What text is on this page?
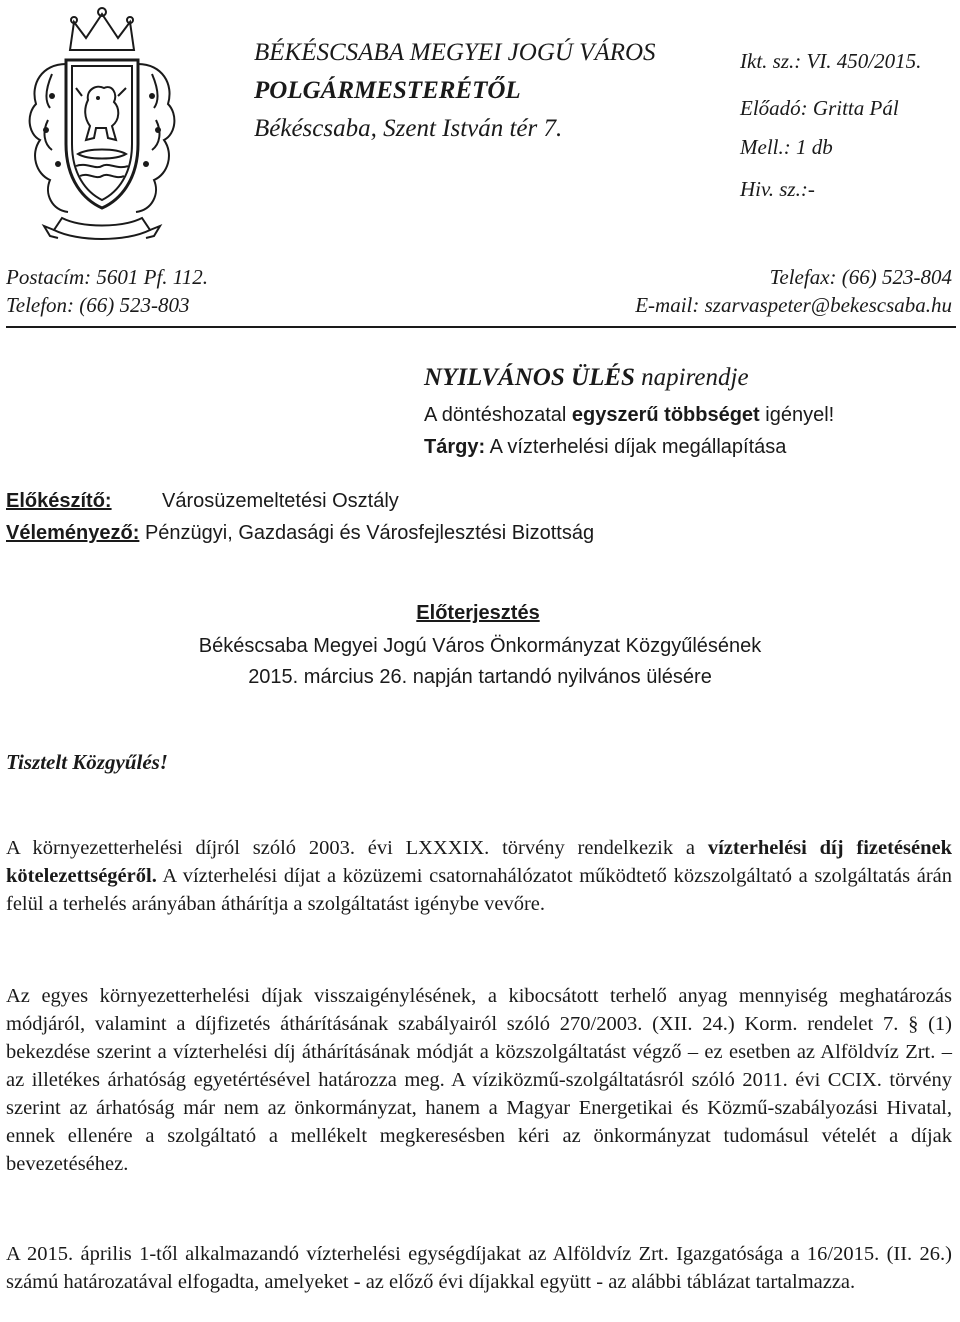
BÉKÉSCSABA MEGYEI JOGÚ VÁROS
POLGÁRMESTERÉTŐL
Békéscsaba, Szent István tér 7.
Ikt. sz.: VI. 450/2015.
Előadó: Gritta Pál
Mell.: 1 db
Hiv. sz.:-
Postacím: 5601 Pf. 112.
Telefon: (66) 523-803
Telefax: (66) 523-804
E-mail: szarvaspeter@bekescsaba.hu
NYILVÁNOS ÜLÉS napirendje
A döntéshozatal egyszerű többséget igényel!
Tárgy: A vízterhelési díjak megállapítása
Előkészítő:	Városüzemeltetési Osztály
Véleményező: Pénzügyi, Gazdasági és Városfejlesztési Bizottság
Előterjesztés
Békéscsaba Megyei Jogú Város Önkormányzat Közgyűlésének
2015. március 26. napján tartandó nyilvános ülésére
Tisztelt Közgyűlés!
A környezetterhelési díjról szóló 2003. évi LXXXIX. törvény rendelkezik a vízterhelési díj fizetésének kötelezettségéről. A vízterhelési díjat a közüzemi csatornahálózatot működtető közszolgáltató a szolgáltatás árán felül a terhelés arányában áthárítja a szolgáltatást igénybe vevőre.
Az egyes környezetterhelési díjak visszaigénylésének, a kibocsátott terhelő anyag mennyiség meghatározás módjáról, valamint a díjfizetés áthárításának szabályairól szóló 270/2003. (XII. 24.) Korm. rendelet 7. § (1) bekezdése szerint a vízterhelési díj áthárításának módját a közszolgáltatást végző – ez esetben az Alföldvíz Zrt. – az illetékes árhatóság egyetértésével határozza meg. A víziközmű-szolgáltatásról szóló 2011. évi CCIX. törvény szerint az árhatóság már nem az önkormányzat, hanem a Magyar Energetikai és Közmű-szabályozási Hivatal, ennek ellenére a szolgáltató a mellékelt megkeresésben kéri az önkormányzat tudomásul vételét a díjak bevezetéséhez.
A 2015. április 1-től alkalmazandó vízterhelési egységdíjakat az Alföldvíz Zrt. Igazgatósága a 16/2015. (II. 26.) számú határozatával elfogadta, amelyeket - az előző évi díjakkal együtt - az alábbi táblázat tartalmazza.
